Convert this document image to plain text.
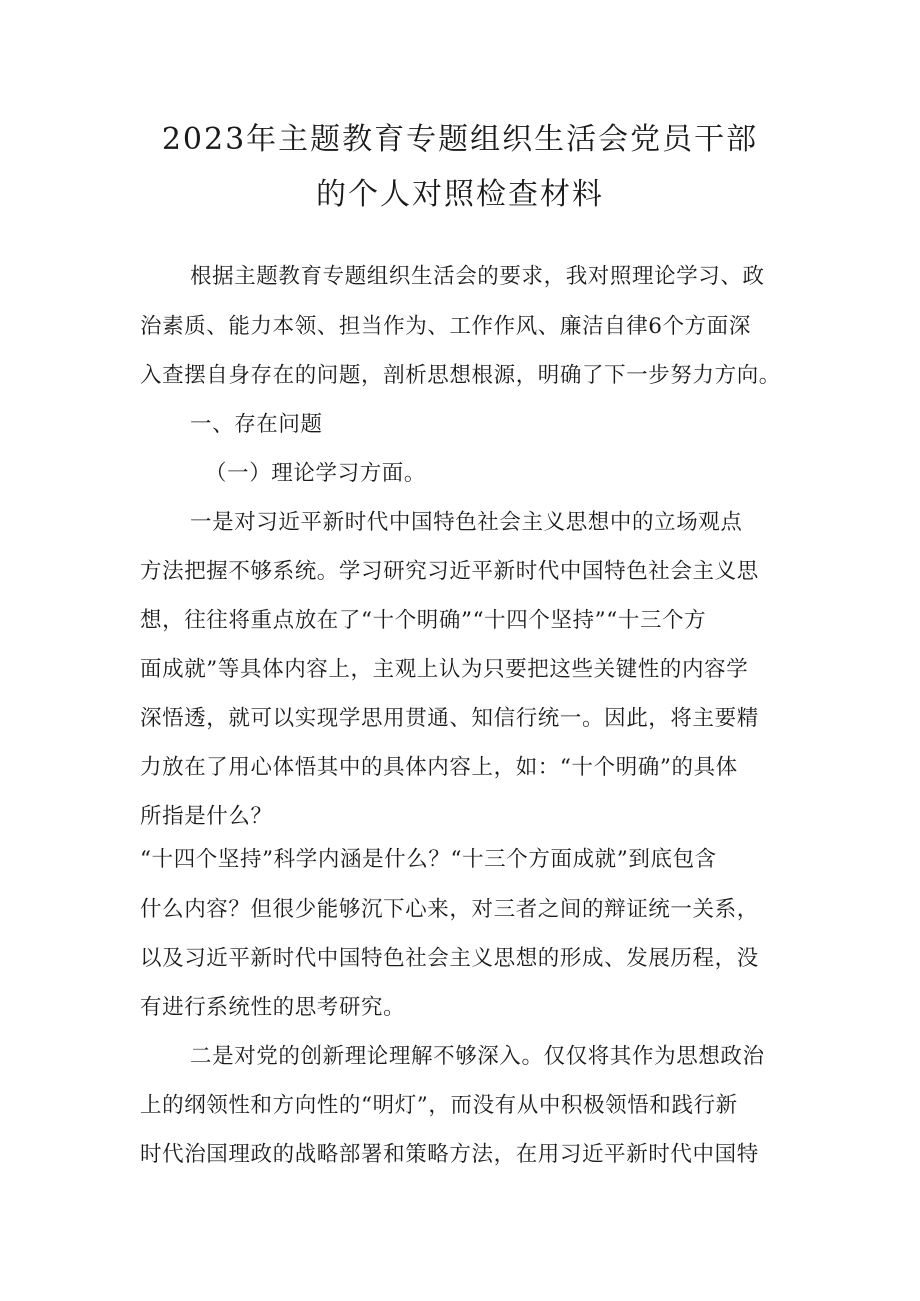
2023年主题教育专题组织生活会党员干部
的个人对照检查材料
根据主题教育专题组织生活会的要求，我对照理论学习、政
治素质、能力本领、担当作为、工作作风、廉洁自律6个方面深
入查摆自身存在的问题，剖析思想根源，明确了下一步努力方向。
一、存在问题
（一）理论学习方面。
一是对习近平新时代中国特色社会主义思想中的立场观点
方法把握不够系统。学习研究习近平新时代中国特色社会主义思
想，往往将重点放在了“十个明确”“十四个坚持”“十三个方
面成就”等具体内容上，主观上认为只要把这些关键性的内容学
深悟透，就可以实现学思用贯通、知信行统一。因此，将主要精
力放在了用心体悟其中的具体内容上，如：“十个明确”的具体
所指是什么？
“十四个坚持”科学内涵是什么？“十三个方面成就”到底包含
什么内容？但很少能够沉下心来，对三者之间的辩证统一关系，
以及习近平新时代中国特色社会主义思想的形成、发展历程，没
有进行系统性的思考研究。
二是对党的创新理论理解不够深入。仅仅将其作为思想政治
上的纲领性和方向性的“明灯”，而没有从中积极领悟和践行新
时代治国理政的战略部署和策略方法，在用习近平新时代中国特
